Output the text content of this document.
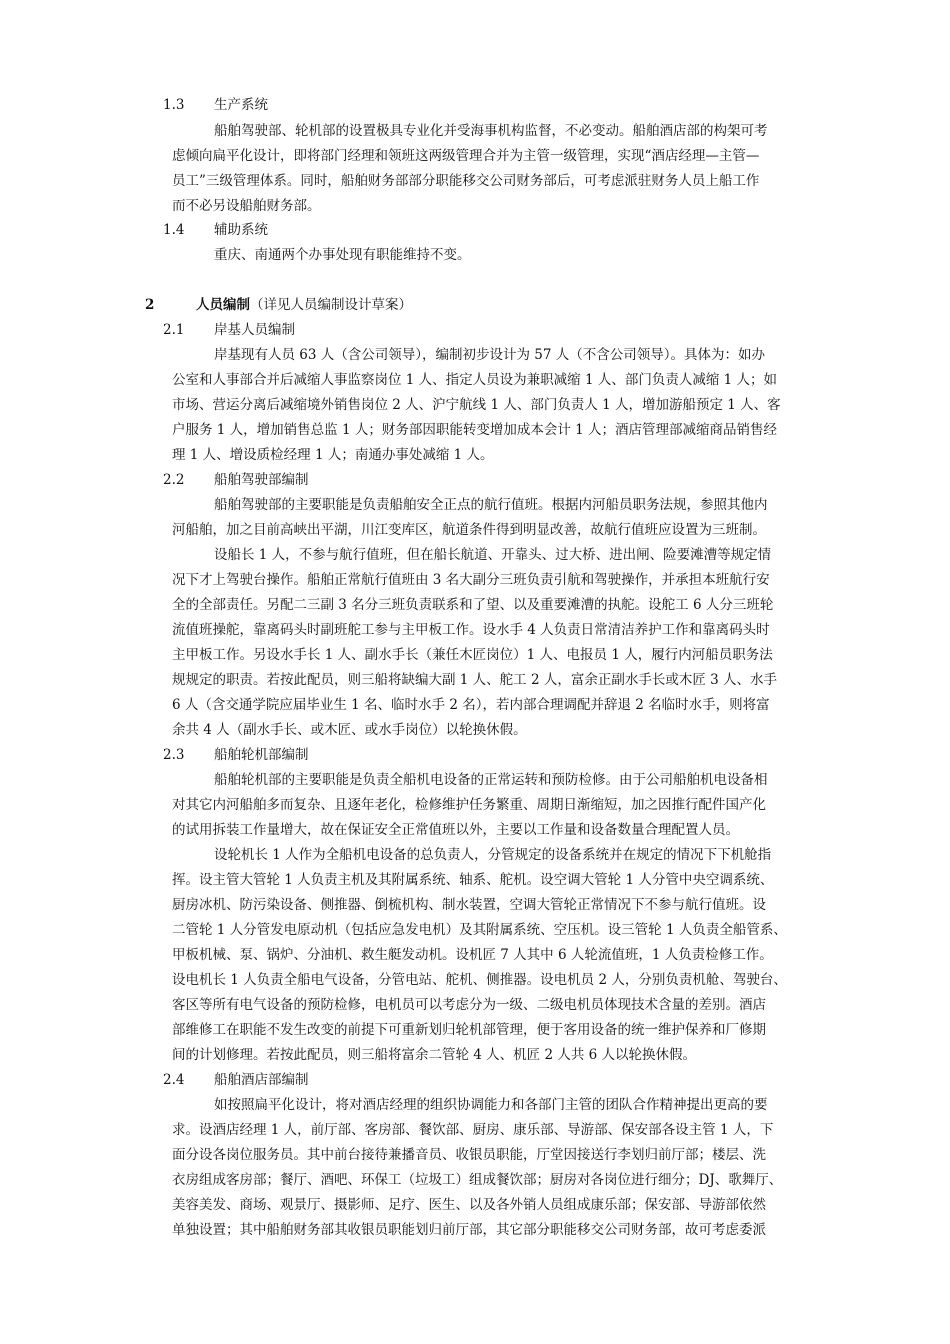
1.3 生产系统
船舶驾驶部、轮机部的设置极具专业化并受海事机构监督，不必变动。船舶酒店部的构架可考
虑倾向扁平化设计，即将部门经理和领班这两级管理合并为主管一级管理，实现“酒店经理—主管—
员工”三级管理体系。同时，船舶财务部部分职能移交公司财务部后，可考虑派驻财务人员上船工作
而不必另设船舶财务部。
1.4 辅助系统
重庆、南通两个办事处现有职能维持不变。
2	人员编制（详见人员编制设计草案）
2.1 岸基人员编制
岸基现有人员 63 人（含公司领导），编制初步设计为 57 人（不含公司领导）。具体为：如办
公室和人事部合并后减缩人事监察岗位 1 人、指定人员设为兼职减缩 1 人、部门负责人减缩 1 人；如
市场、营运分离后减缩境外销售岗位 2 人、沪宁航线 1 人、部门负责人 1 人，增加游船预定 1 人、客
户服务 1 人，增加销售总监 1 人；财务部因职能转变增加成本会计 1 人；酒店管理部减缩商品销售经
理 1 人、增设质检经理 1 人；南通办事处减缩 1 人。
2.2 船舶驾驶部编制
船舶驾驶部的主要职能是负责船舶安全正点的航行值班。根据内河船员职务法规，参照其他内
河船舶，加之目前高峡出平湖，川江变库区，航道条件得到明显改善，故航行值班应设置为三班制。
设船长 1 人，不参与航行值班，但在船长航道、开靠头、过大桥、进出闸、险要滩漕等规定情
况下才上驾驶台操作。船舶正常航行值班由 3 名大副分三班负责引航和驾驶操作，并承担本班航行安
全的全部责任。另配二三副 3 名分三班负责联系和了望、以及重要滩漕的执舵。设舵工 6 人分三班轮
流值班操舵，靠离码头时副班舵工参与主甲板工作。设水手 4 人负责日常清洁养护工作和靠离码头时
主甲板工作。另设水手长 1 人、副水手长（兼任木匠岗位）1 人、电报员 1 人，履行内河船员职务法
规规定的职责。若按此配员，则三船将缺编大副 1 人、舵工 2 人，富余正副水手长或木匠 3 人、水手
6 人（含交通学院应届毕业生 1 名、临时水手 2 名），若内部合理调配并辞退 2 名临时水手，则将富
余共 4 人（副水手长、或木匠、或水手岗位）以轮换休假。
2.3 船舶轮机部编制
船舶轮机部的主要职能是负责全船机电设备的正常运转和预防检修。由于公司船舶机电设备相
对其它内河船舶多而复杂、且逐年老化，检修维护任务繁重、周期日渐缩短，加之因推行配件国产化
的试用拆装工作量增大，故在保证安全正常值班以外，主要以工作量和设备数量合理配置人员。
设轮机长 1 人作为全船机电设备的总负责人，分管规定的设备系统并在规定的情况下下机舱指
挥。设主管大管轮 1 人负责主机及其附属系统、轴系、舵机。设空调大管轮 1 人分管中央空调系统、
厨房冰机、防污染设备、侧推器、倒梳机构、制水装置，空调大管轮正常情况下不参与航行值班。设
二管轮 1 人分管发电原动机（包括应急发电机）及其附属系统、空压机。设三管轮 1 人负责全船管系、
甲板机械、泵、锅炉、分油机、救生艇发动机。设机匠 7 人其中 6 人轮流值班，1 人负责检修工作。
设电机长 1 人负责全船电气设备，分管电站、舵机、侧推器。设电机员 2 人，分别负责机舱、驾驶台、
客区等所有电气设备的预防检修，电机员可以考虑分为一级、二级电机员体现技术含量的差别。酒店
部维修工在职能不发生改变的前提下可重新划归轮机部管理，便于客用设备的统一维护保养和厂修期
间的计划修理。若按此配员，则三船将富余二管轮 4 人、机匠 2 人共 6 人以轮换休假。
2.4 船舶酒店部编制
如按照扁平化设计，将对酒店经理的组织协调能力和各部门主管的团队合作精神提出更高的要
求。设酒店经理 1 人，前厅部、客房部、餐饮部、厨房、康乐部、导游部、保安部各设主管 1 人，下
面分设各岗位服务员。其中前台接待兼播音员、收银员职能，厅堂因接送行李划归前厅部；楼层、洗
衣房组成客房部；餐厅、酒吧、环保工（垃圾工）组成餐饮部；厨房对各岗位进行细分；DJ、歌舞厅、
美容美发、商场、观景厅、摄影师、足疗、医生、以及各外销人员组成康乐部；保安部、导游部依然
单独设置；其中船舶财务部其收银员职能划归前厅部，其它部分职能移交公司财务部，故可考虑委派
